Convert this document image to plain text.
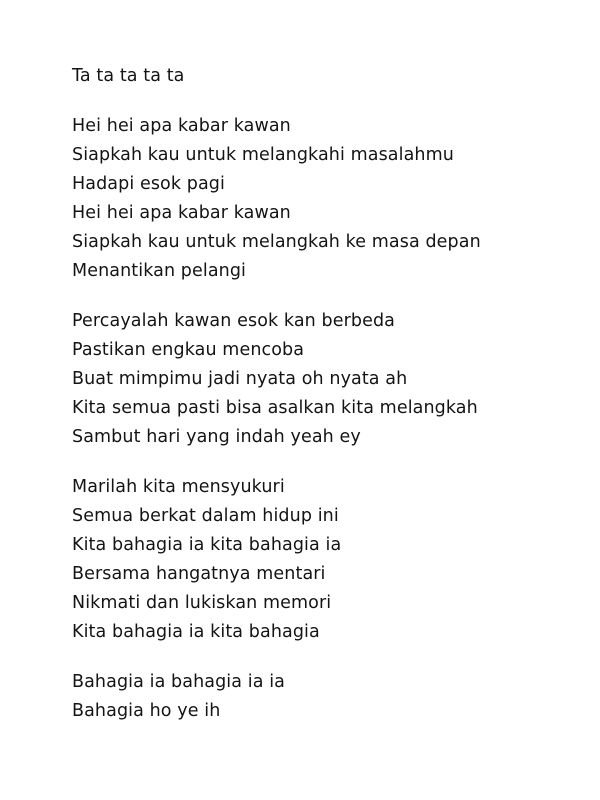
Ta ta ta ta ta

Hei hei apa kabar kawan
Siapkah kau untuk melangkahi masalahmu
Hadapi esok pagi
Hei hei apa kabar kawan
Siapkah kau untuk melangkah ke masa depan
Menantikan pelangi

Percayalah kawan esok kan berbeda
Pastikan engkau mencoba
Buat mimpimu jadi nyata oh nyata ah
Kita semua pasti bisa asalkan kita melangkah
Sambut hari yang indah yeah ey

Marilah kita mensyukuri
Semua berkat dalam hidup ini
Kita bahagia ia kita bahagia ia
Bersama hangatnya mentari
Nikmati dan lukiskan memori
Kita bahagia ia kita bahagia

Bahagia ia bahagia ia ia
Bahagia ho ye ih
